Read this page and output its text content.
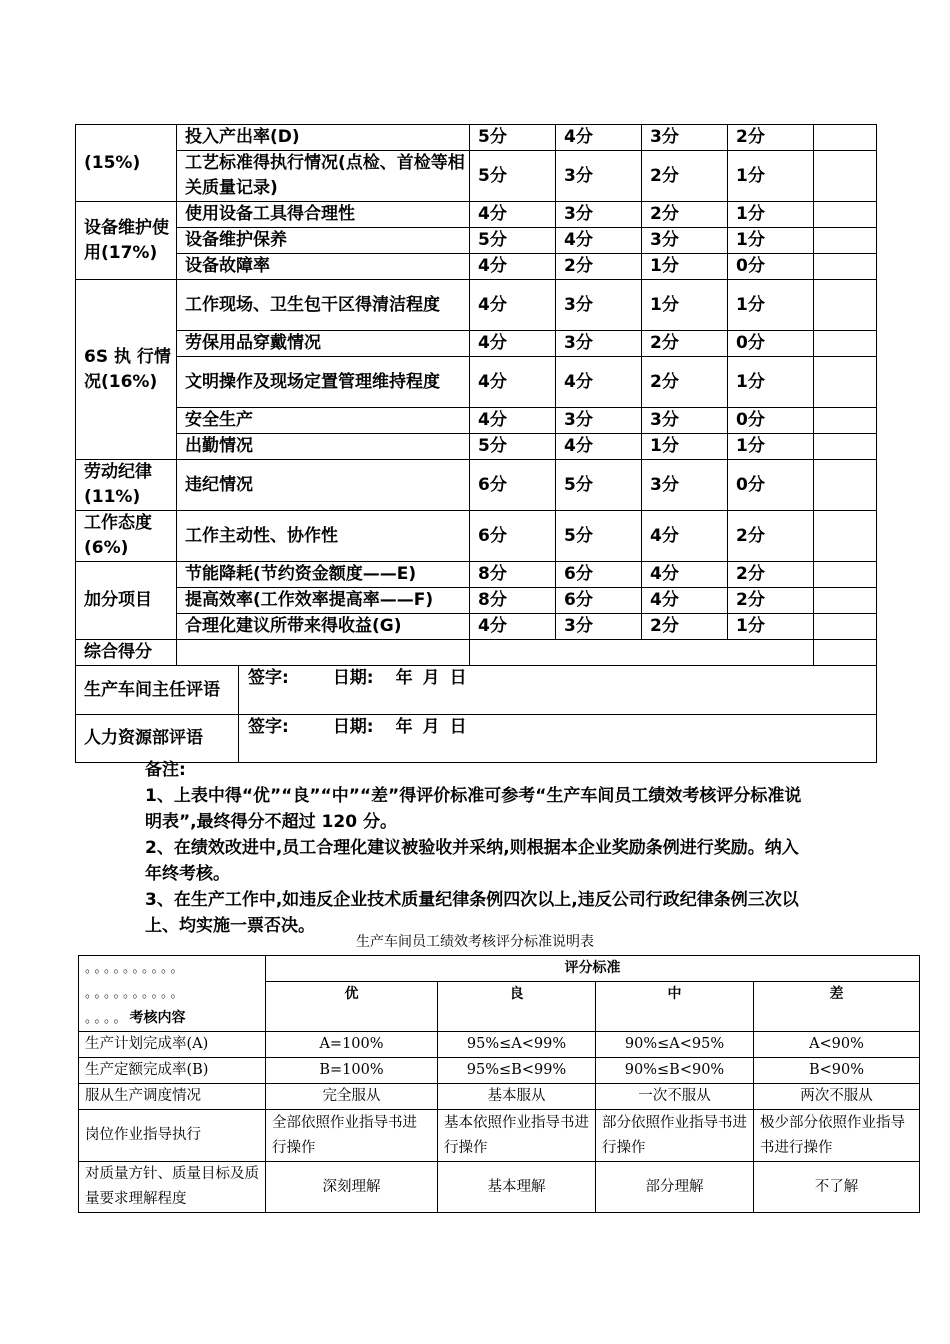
(15%)	投入产出率(D)	5分	4分	3分	2分	
	工艺标准得执行情况(点检、首检等相关质量记录)	5分	3分	2分	1分	
设备维护使　　用(17%)	使用设备工具得合理性	4分	3分	2分	1分	
	设备维护保养	5分	4分	3分	1分	
	设备故障率	4分	2分	1分	0分	
6S 执 行情　　况(16%)	工作现场、卫生包干区得清洁程度	4分	3分	1分	1分	
	劳保用品穿戴情况	4分	3分	2分	0分	
	文明操作及现场定置管理维持程度	4分	4分	2分	1分	
	安全生产	4分	3分	3分	0分	
	出勤情况	5分	4分	1分	1分	
劳动纪律(11%)	违纪情况	6分	5分	3分	0分	
工作态度(6%)	工作主动性、协作性	6分	5分	4分	2分	
加分项目	节能降耗(节约资金额度——E)	8分	6分	4分	2分	
	提高效率(工作效率提高率——F)	8分	6分	4分	2分	
	合理化建议所带来得收益(G)	4分	3分	2分	1分	
综合得分						

生产车间主任评语
签字: 日期: 年 月 日						

人力资源部评语
签字: 日期: 年 月 日						

备注:

1、上表中得“优”“良”“中”“差”得评价标准可参考“生产车间员工绩效考核评分标准说明表”,最终得分不超过 120 分。

2、在绩效改进中,员工合理化建议被验收并采纳,则根据本企业奖励条例进行奖励。纳入年终考核。

3、在生产工作中,如违反企业技术质量纪律条例四次以上,违反公司行政纪律条例三次以上、均实施一票否决。

生产车间员工绩效考核评分标准说明表
。。。。。。。。。。
。。。。。。。。。。
。。。。考核内容	评分标准			
	优	良	中	差
生产计划完成率(A)	A=100%	95%≤A<99%	90%≤A<95%	A<90%
生产定额完成率(B)	B=100%	95%≤B<99%	90%≤B<90%	B<90%
服从生产调度情况	完全服从	基本服从	一次不服从	两次不服从
岗位作业指导执行	全部依照作业指导书进行操作	基本依照作业指导书进行操作	部分依照作业指导书进行操作	极少部分依照作业指导书进行操作
对质量方针、质量目标及质量要求理解程度	深刻理解	基本理解	部分理解	不了解
